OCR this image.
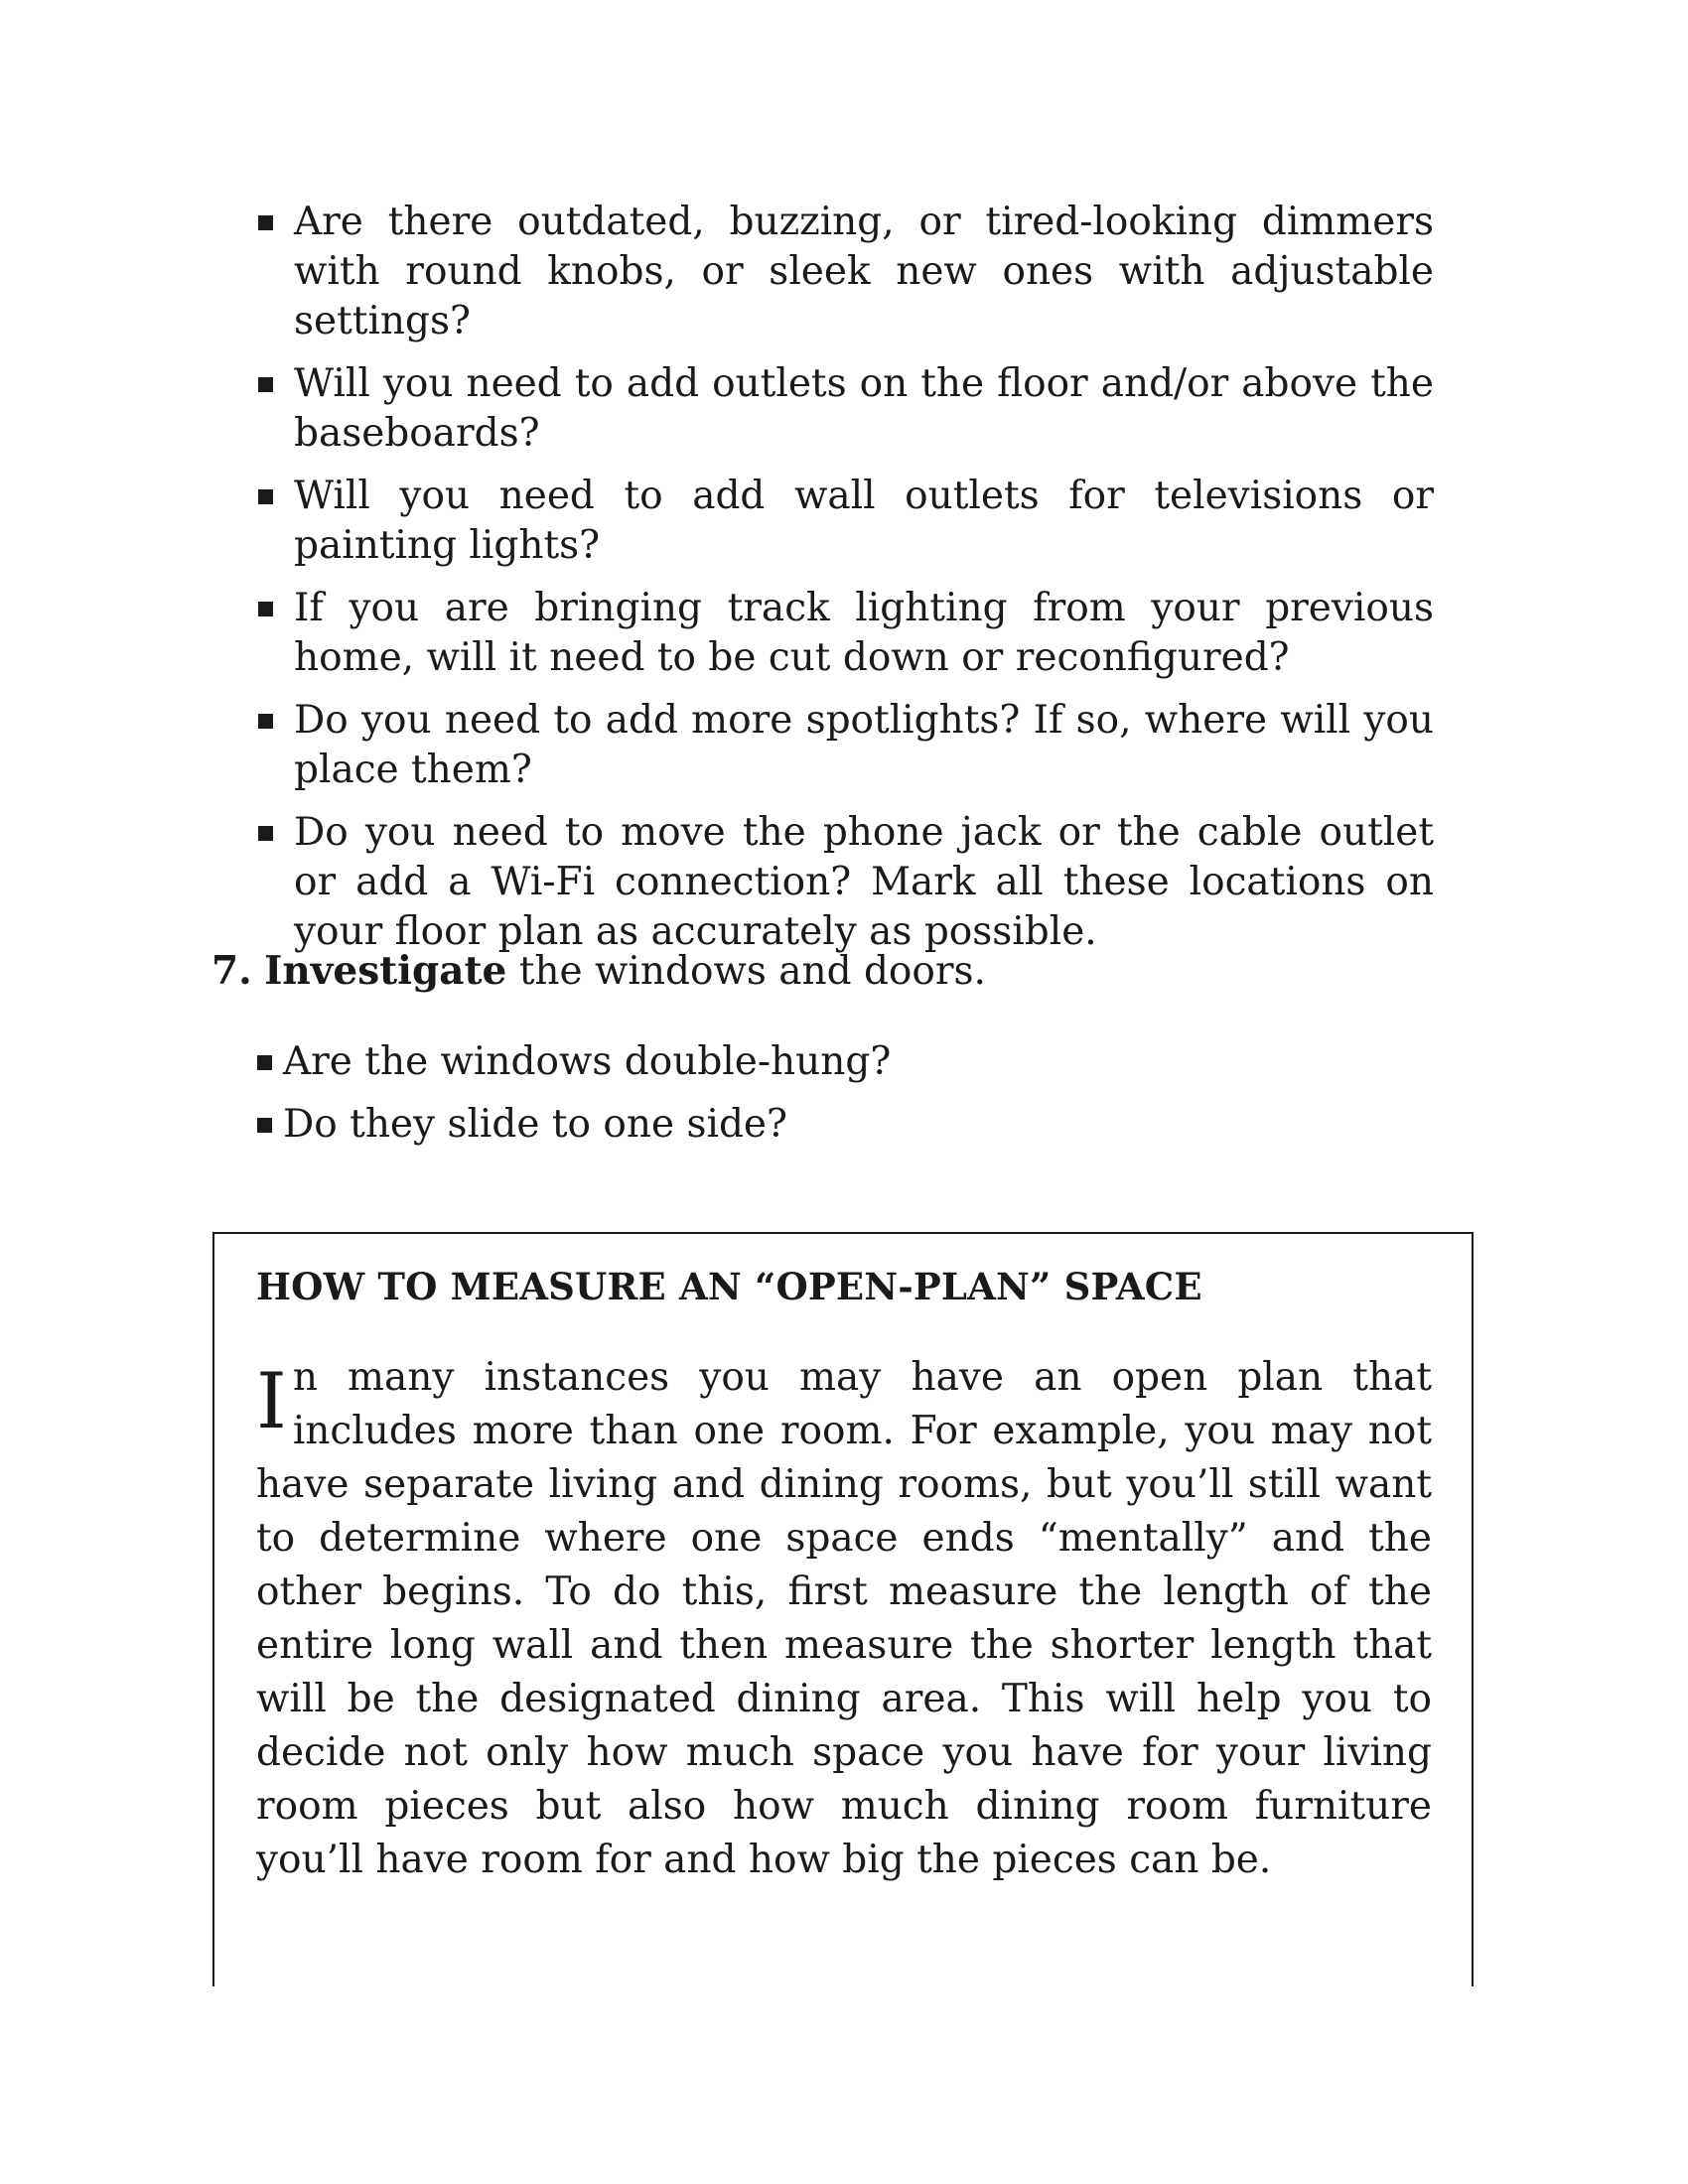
Are there outdated, buzzing, or tired-looking dimmers with round knobs, or sleek new ones with adjustable settings?
Will you need to add outlets on the floor and/or above the baseboards?
Will you need to add wall outlets for televisions or painting lights?
If you are bringing track lighting from your previous home, will it need to be cut down or reconfigured?
Do you need to add more spotlights? If so, where will you place them?
Do you need to move the phone jack or the cable outlet or add a Wi-Fi connection? Mark all these locations on your floor plan as accurately as possible.
7. Investigate the windows and doors.
Are the windows double-hung?
Do they slide to one side?
HOW TO MEASURE AN “OPEN-PLAN” SPACE

In many instances you may have an open plan that includes more than one room. For example, you may not have separate living and dining rooms, but you’ll still want to determine where one space ends “mentally” and the other begins. To do this, first measure the length of the entire long wall and then measure the shorter length that will be the designated dining area. This will help you to decide not only how much space you have for your living room pieces but also how much dining room furniture you’ll have room for and how big the pieces can be.
